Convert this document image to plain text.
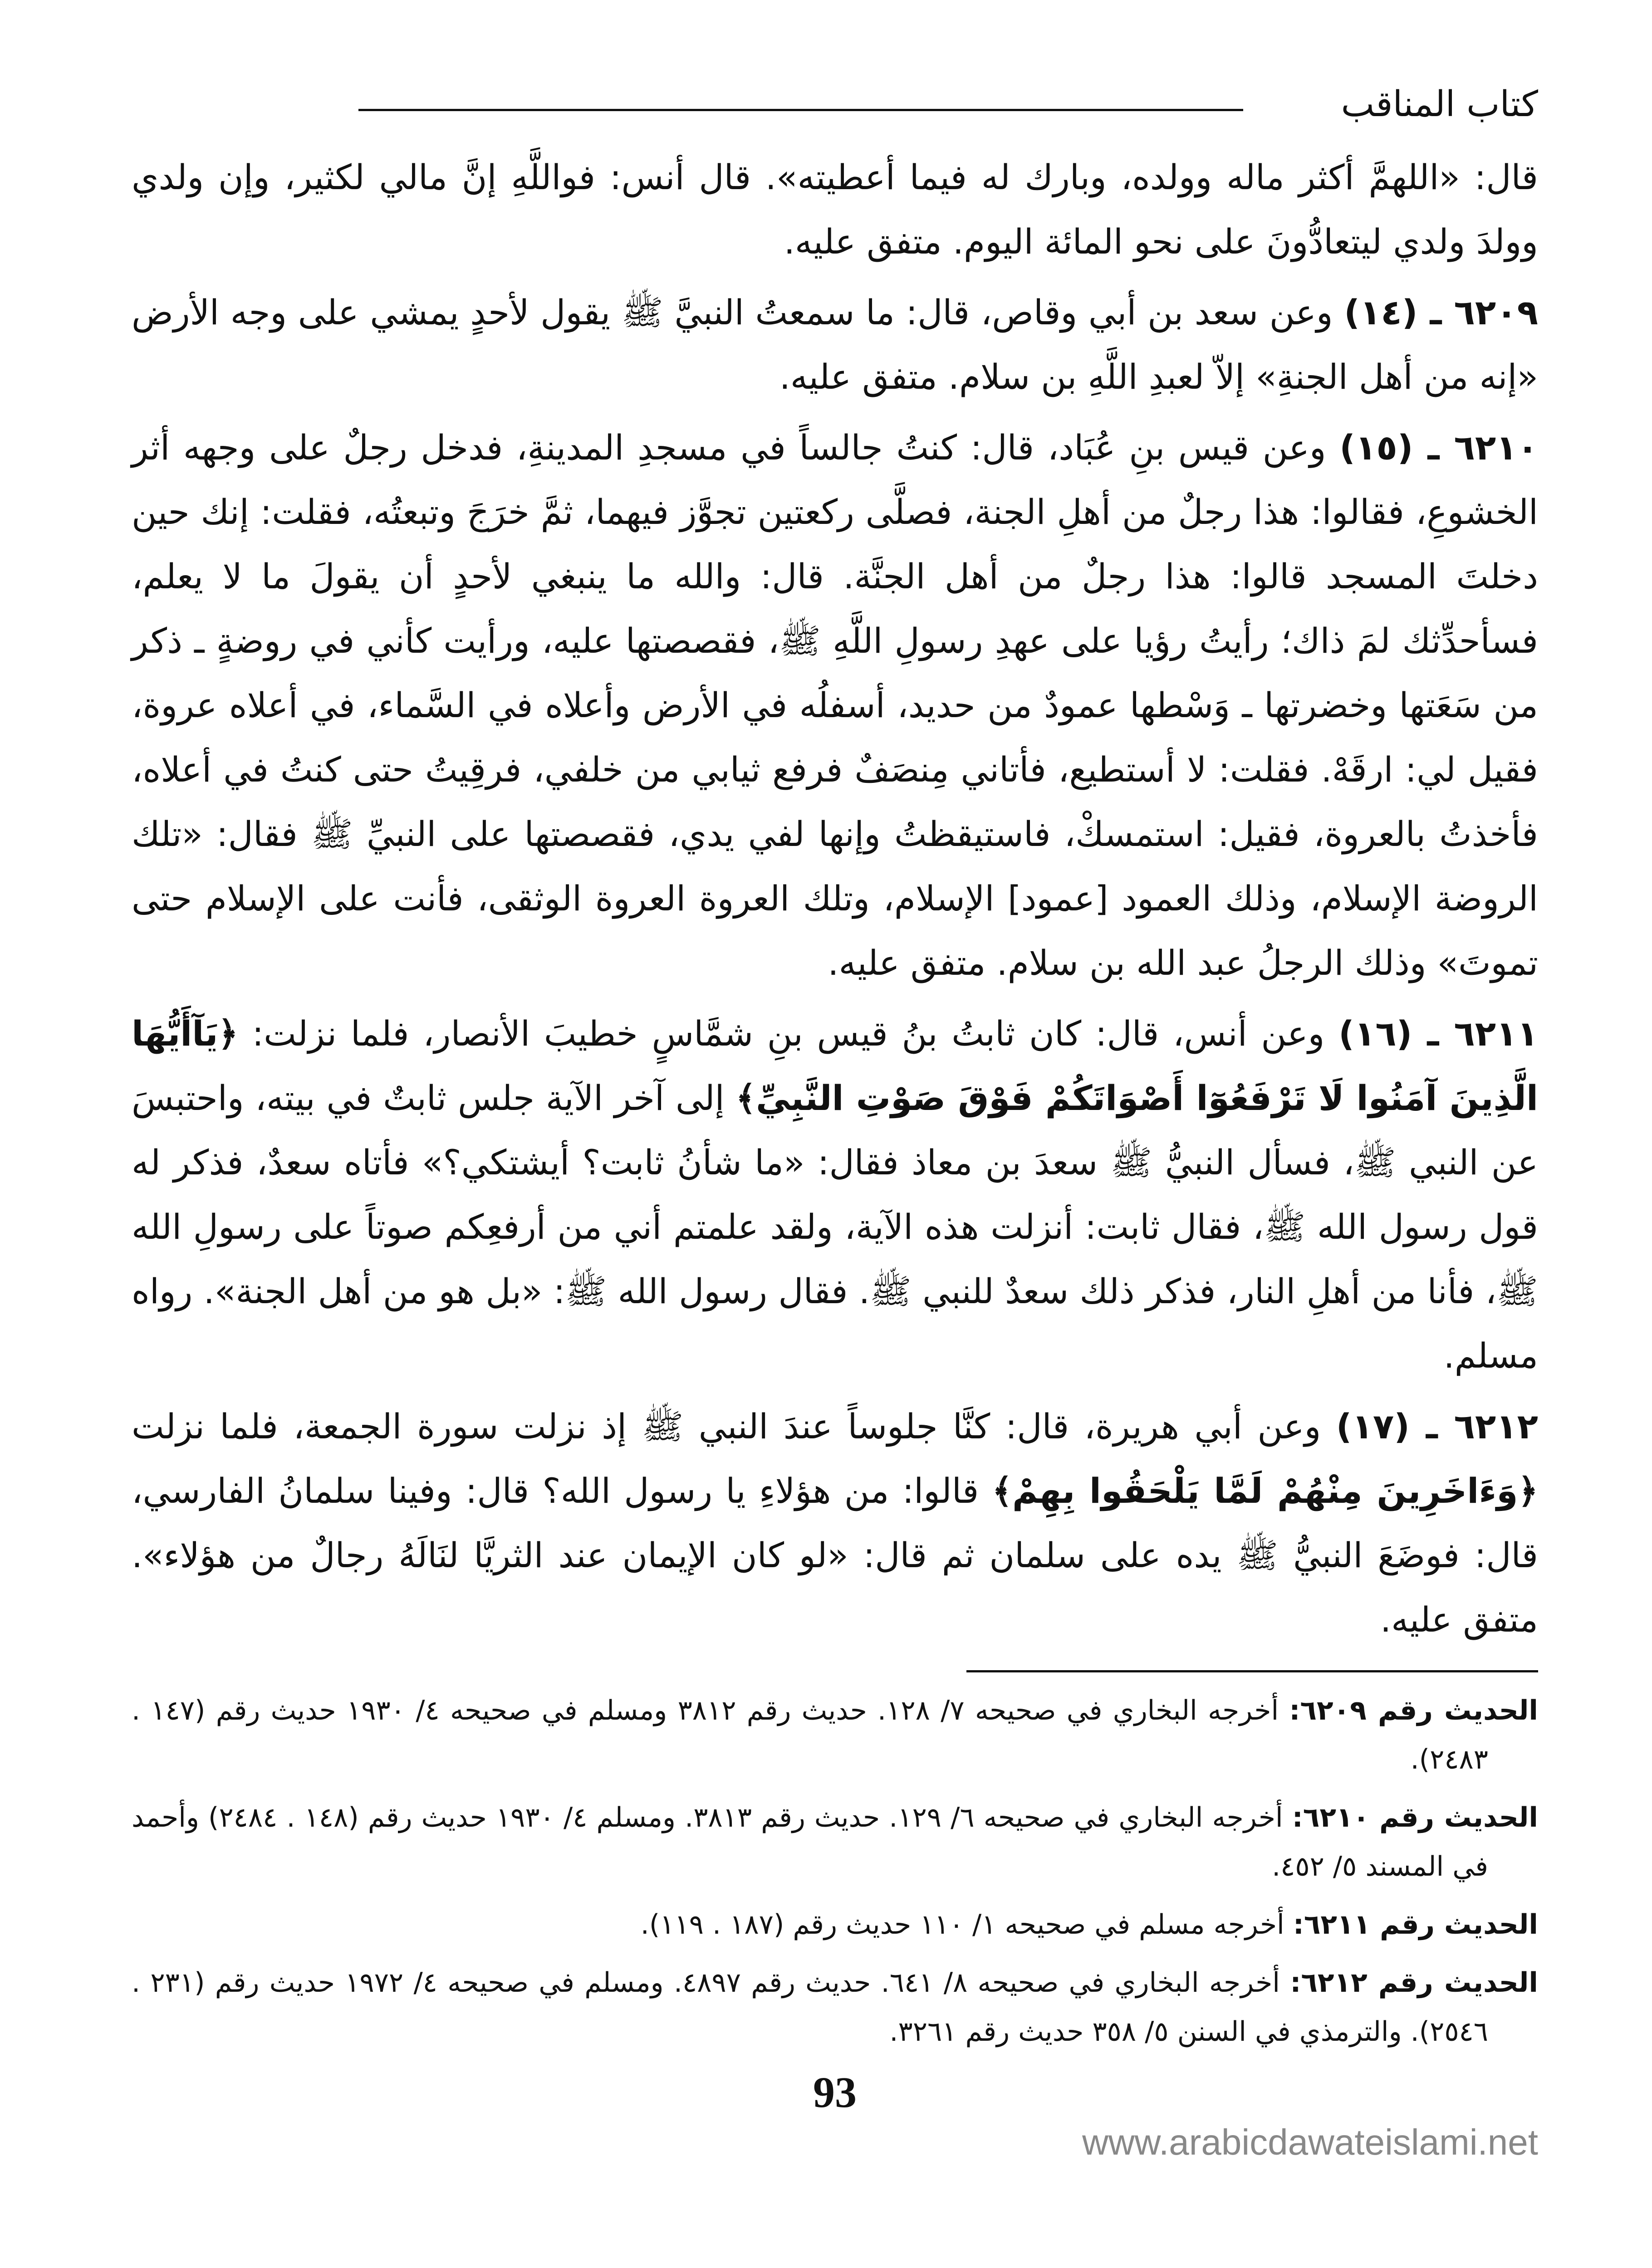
كتاب المناقب

قال: «اللهمَّ أكثر ماله وولده، وبارك له فيما أعطيته». قال أنس: فواللَّهِ إنَّ مالي لكثير، وإن ولدي وولدَ ولدي ليتعادُّونَ على نحو المائة اليوم. متفق عليه.

٦٢٠٩ ـ (١٤) وعن سعد بن أبي وقاص، قال: ما سمعتُ النبيَّ ﷺ يقول لأحدٍ يمشي على وجه الأرض «إنه من أهل الجنةِ» إلاّ لعبدِ اللَّهِ بن سلام. متفق عليه.

٦٢١٠ ـ (١٥) وعن قيس بنِ عُبَاد، قال: كنتُ جالساً في مسجدِ المدينةِ، فدخل رجلٌ على وجهه أثر الخشوعِ، فقالوا: هذا رجلٌ من أهلِ الجنة، فصلَّى ركعتين تجوَّز فيهما، ثمَّ خرَجَ وتبعتُه، فقلت: إنك حين دخلتَ المسجد قالوا: هذا رجلٌ من أهل الجنَّة. قال: والله ما ينبغي لأحدٍ أن يقولَ ما لا يعلم، فسأحدِّثك لمَ ذاك؛ رأيتُ رؤيا على عهدِ رسولِ اللَّهِ ﷺ، فقصصتها عليه، ورأيت كأني في روضةٍ ـ ذكر من سَعَتها وخضرتها ـ وَسْطها عمودٌ من حديد، أسفلُه في الأرض وأعلاه في السَّماء، في أعلاه عروة، فقيل لي: ارقَهْ. فقلت: لا أستطيع، فأتاني مِنصَفٌ فرفع ثيابي من خلفي، فرقِيتُ حتى كنتُ في أعلاه، فأخذتُ بالعروة، فقيل: استمسكْ، فاستيقظتُ وإنها لفي يدي، فقصصتها على النبيِّ ﷺ فقال: «تلك الروضة الإسلام، وذلك العمود [عمود] الإسلام، وتلك العروة العروة الوثقى، فأنت على الإسلام حتى تموتَ» وذلك الرجلُ عبد الله بن سلام. متفق عليه.

٦٢١١ ـ (١٦) وعن أنس، قال: كان ثابتُ بنُ قيس بنِ شمَّاسٍ خطيبَ الأنصار، فلما نزلت: ﴿يَآأَيُّهَا الَّذِينَ آمَنُوا لَا تَرْفَعُوٓا أَصْوَاتَكُمْ فَوْقَ صَوْتِ النَّبِيِّ﴾ إلى آخر الآية جلس ثابتٌ في بيته، واحتبسَ عن النبي ﷺ، فسأل النبيُّ ﷺ سعدَ بن معاذ فقال: «ما شأنُ ثابت؟ أيشتكي؟» فأتاه سعدٌ، فذكر له قول رسول الله ﷺ، فقال ثابت: أنزلت هذه الآية، ولقد علمتم أني من أرفعِكم صوتاً على رسولِ الله ﷺ، فأنا من أهلِ النار، فذكر ذلك سعدٌ للنبي ﷺ. فقال رسول الله ﷺ: «بل هو من أهل الجنة». رواه مسلم.

٦٢١٢ ـ (١٧) وعن أبي هريرة، قال: كنَّا جلوساً عندَ النبي ﷺ إذ نزلت سورة الجمعة، فلما نزلت ﴿وَءَاخَرِينَ مِنْهُمْ لَمَّا يَلْحَقُوا بِهِمْ﴾ قالوا: من هؤلاءِ يا رسول الله؟ قال: وفينا سلمانُ الفارسي، قال: فوضَعَ النبيُّ ﷺ يده على سلمان ثم قال: «لو كان الإيمان عند الثريَّا لنَالَهُ رجالٌ من هؤلاء». متفق عليه.

الحديث رقم ٦٢٠٩: أخرجه البخاري في صحيحه ٧/ ١٢٨. حديث رقم ٣٨١٢ ومسلم في صحيحه ٤/ ١٩٣٠ حديث رقم (١٤٧ . ٢٤٨٣).

الحديث رقم ٦٢١٠: أخرجه البخاري في صحيحه ٦/ ١٢٩. حديث رقم ٣٨١٣. ومسلم ٤/ ١٩٣٠ حديث رقم (١٤٨ . ٢٤٨٤) وأحمد في المسند ٥/ ٤٥٢.

الحديث رقم ٦٢١١: أخرجه مسلم في صحيحه ١/ ١١٠ حديث رقم (١٨٧ . ١١٩).

الحديث رقم ٦٢١٢: أخرجه البخاري في صحيحه ٨/ ٦٤١. حديث رقم ٤٨٩٧. ومسلم في صحيحه ٤/ ١٩٧٢ حديث رقم (٢٣١ . ٢٥٤٦). والترمذي في السنن ٥/ ٣٥٨ حديث رقم ٣٢٦١.

93
www.arabicdawateislami.net
